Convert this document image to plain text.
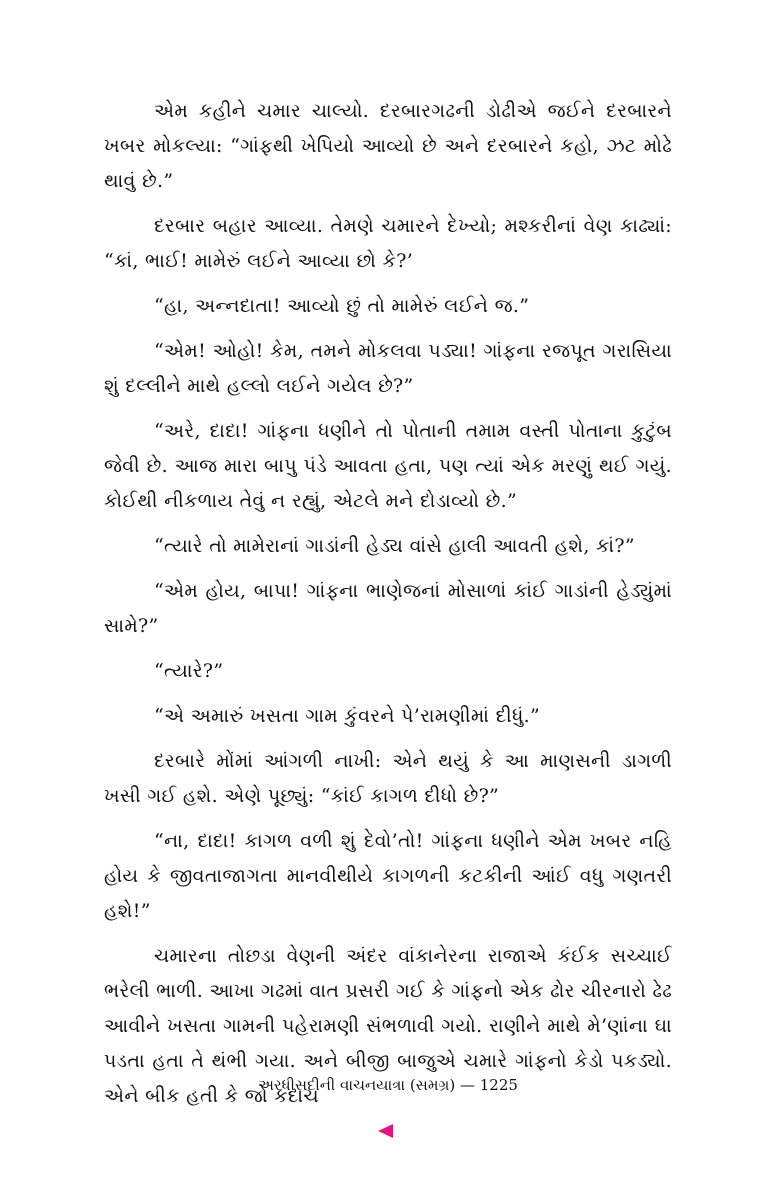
એમ કહીને ચમાર ચાલ્યો. દરબારગઢની ડોઢીએ જઈને દરબારને ખબર મોકલ્યા: “ગાંફથી ખેપિયો આવ્યો છે અને દરબારને કહો, ઝટ મોઢે થાવું છે.”

દરબાર બહાર આવ્યા. તેમણે ચમારને દેખ્યો; મશ્કરીનાં વેણ કાઢ્યાં: “કાં, ભાઈ! મામેરું લઈને આવ્યા છો કે?’

“હા, અન્નદાતા! આવ્યો છું તો મામેરું લઈને જ.”

“એમ! ઓહો! કેમ, તમને મોકલવા પડ્યા! ગાંફના રજપૂત ગરાસિયા શું દલ્લીને માથે હલ્લો લઈને ગયેલ છે?”

“અરે, દાદા! ગાંફના ધણીને તો પોતાની તમામ વસ્તી પોતાના કુટુંબ જેવી છે. આજ મારા બાપુ પંડે આવતા હતા, પણ ત્યાં એક મરણું થઈ ગયું. કોઈથી નીકળાય તેવું ન રહ્યું, એટલે મને દોડાવ્યો છે.”

“ત્યારે તો મામેરાનાં ગાડાંની હેડ્ય વાંસે હાલી આવતી હશે, કાં?”

“એમ હોય, બાપા! ગાંફના ભાણેજનાં મોસાળાં કાંઈ ગાડાંની હેડ્યુંમાં સામે?”

“ત્યારે?”

“એ અમારું ખસતા ગામ કુંવરને પે’રામણીમાં દીધું.”

દરબારે મોંમાં આંગળી નાખી: એને થયું કે આ માણસની ડાગળી ખસી ગઈ હશે. એણે પૂછ્યું: “કાંઈ કાગળ દીધો છે?”

“ના, દાદા! કાગળ વળી શું દેવો’તો! ગાંફના ધણીને એમ ખબર નહિ હોય કે જીવતાજાગતા માનવીથીયે કાગળની કટકીની આંઈ વધુ ગણતરી હશે!”

ચમારના તોછડા વેણની અંદર વાંકાનેરના રાજાએ કંઈક સચ્ચાઈ ભરેલી ભાળી. આખા ગઢમાં વાત પ્રસરી ગઈ કે ગાંફનો એક ઢોર ચીરનારો ઢેઢ આવીને ખસતા ગામની પહેરામણી સંભળાવી ગયો. રાણીને માથે મે’ણાંના ઘા પડતા હતા તે થંભી ગયા. અને બીજી બાજુએ ચમારે ગાંફનો કેડો પકડ્યો. એને બીક હતી કે જો કદાચ

અરધીસદીની વાચનયાત્રા (સમગ્ર) — 1225
